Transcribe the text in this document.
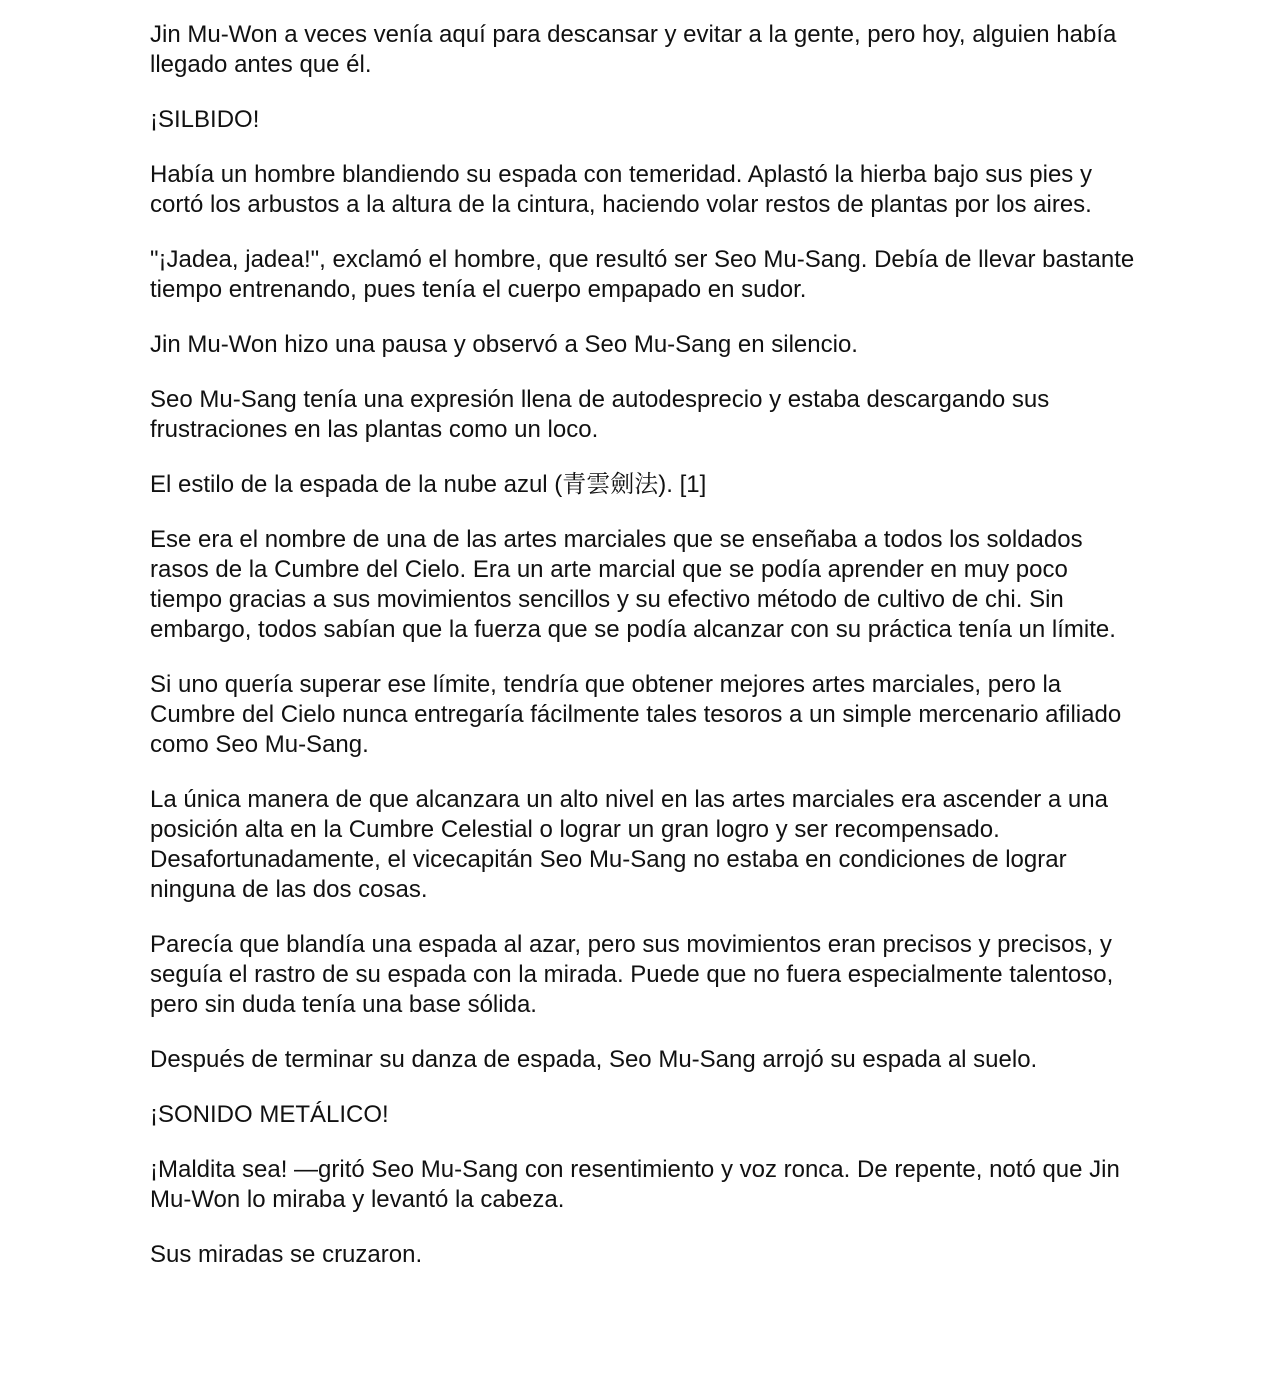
Jin Mu-Won a veces venía aquí para descansar y evitar a la gente, pero hoy, alguien había llegado antes que él.

¡SILBIDO!

Había un hombre blandiendo su espada con temeridad. Aplastó la hierba bajo sus pies y cortó los arbustos a la altura de la cintura, haciendo volar restos de plantas por los aires.

"¡Jadea, jadea!", exclamó el hombre, que resultó ser Seo Mu-Sang. Debía de llevar bastante tiempo entrenando, pues tenía el cuerpo empapado en sudor.

Jin Mu-Won hizo una pausa y observó a Seo Mu-Sang en silencio.

Seo Mu-Sang tenía una expresión llena de autodesprecio y estaba descargando sus frustraciones en las plantas como un loco.

El estilo de la espada de la nube azul (青雲劍法). [1]

Ese era el nombre de una de las artes marciales que se enseñaba a todos los soldados rasos de la Cumbre del Cielo. Era un arte marcial que se podía aprender en muy poco tiempo gracias a sus movimientos sencillos y su efectivo método de cultivo de chi. Sin embargo, todos sabían que la fuerza que se podía alcanzar con su práctica tenía un límite.

Si uno quería superar ese límite, tendría que obtener mejores artes marciales, pero la Cumbre del Cielo nunca entregaría fácilmente tales tesoros a un simple mercenario afiliado como Seo Mu-Sang.

La única manera de que alcanzara un alto nivel en las artes marciales era ascender a una posición alta en la Cumbre Celestial o lograr un gran logro y ser recompensado. Desafortunadamente, el vicecapitán Seo Mu-Sang no estaba en condiciones de lograr ninguna de las dos cosas.

Parecía que blandía una espada al azar, pero sus movimientos eran precisos y precisos, y seguía el rastro de su espada con la mirada. Puede que no fuera especialmente talentoso, pero sin duda tenía una base sólida.

Después de terminar su danza de espada, Seo Mu-Sang arrojó su espada al suelo.

¡SONIDO METÁLICO!

¡Maldita sea! —gritó Seo Mu-Sang con resentimiento y voz ronca. De repente, notó que Jin Mu-Won lo miraba y levantó la cabeza.

Sus miradas se cruzaron.
